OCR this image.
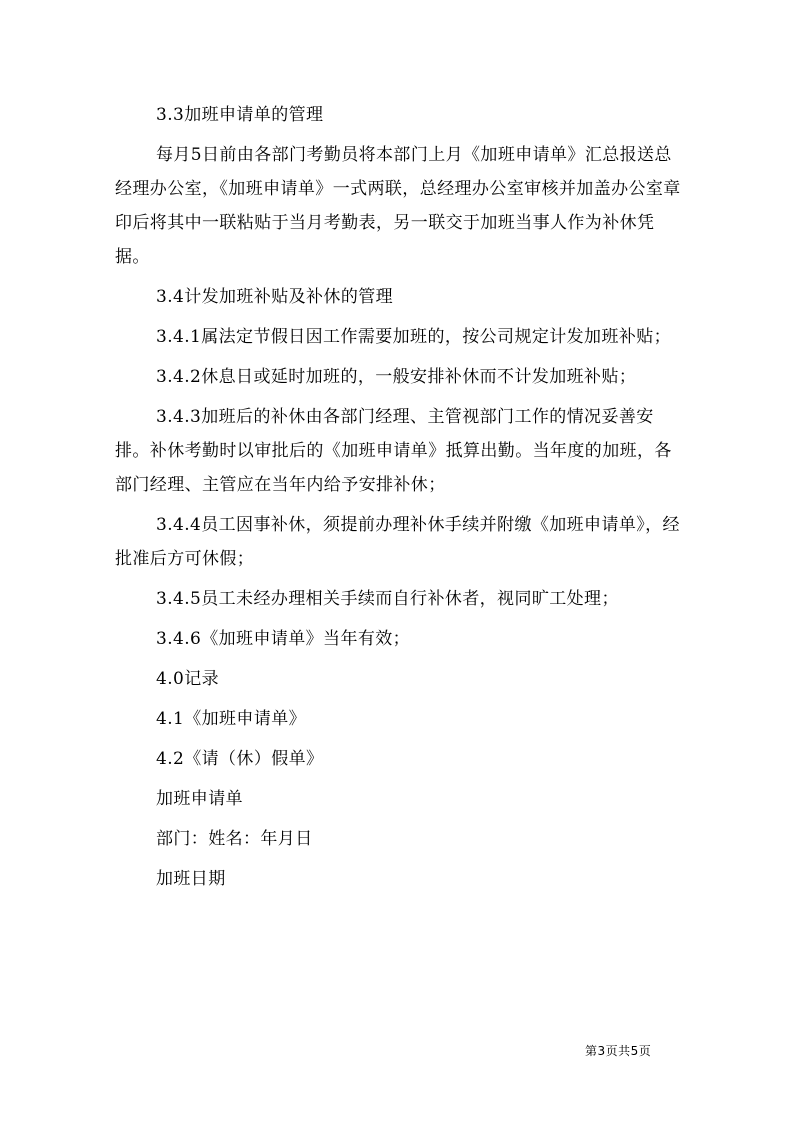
3.3加班申请单的管理

每月5日前由各部门考勤员将本部门上月《加班申请单》汇总报送总经理办公室，《加班申请单》一式两联，总经理办公室审核并加盖办公室章印后将其中一联粘贴于当月考勤表，另一联交于加班当事人作为补休凭据。

3.4计发加班补贴及补休的管理

3.4.1属法定节假日因工作需要加班的，按公司规定计发加班补贴；

3.4.2休息日或延时加班的，一般安排补休而不计发加班补贴；

3.4.3加班后的补休由各部门经理、主管视部门工作的情况妥善安排。补休考勤时以审批后的《加班申请单》抵算出勤。当年度的加班，各部门经理、主管应在当年内给予安排补休；

3.4.4员工因事补休，须提前办理补休手续并附缴《加班申请单》，经批准后方可休假；

3.4.5员工未经办理相关手续而自行补休者，视同旷工处理；

3.4.6《加班申请单》当年有效；

4.0记录

4.1《加班申请单》

4.2《请（休）假单》

加班申请单

部门：姓名：年月日

加班日期

第3页共5页
